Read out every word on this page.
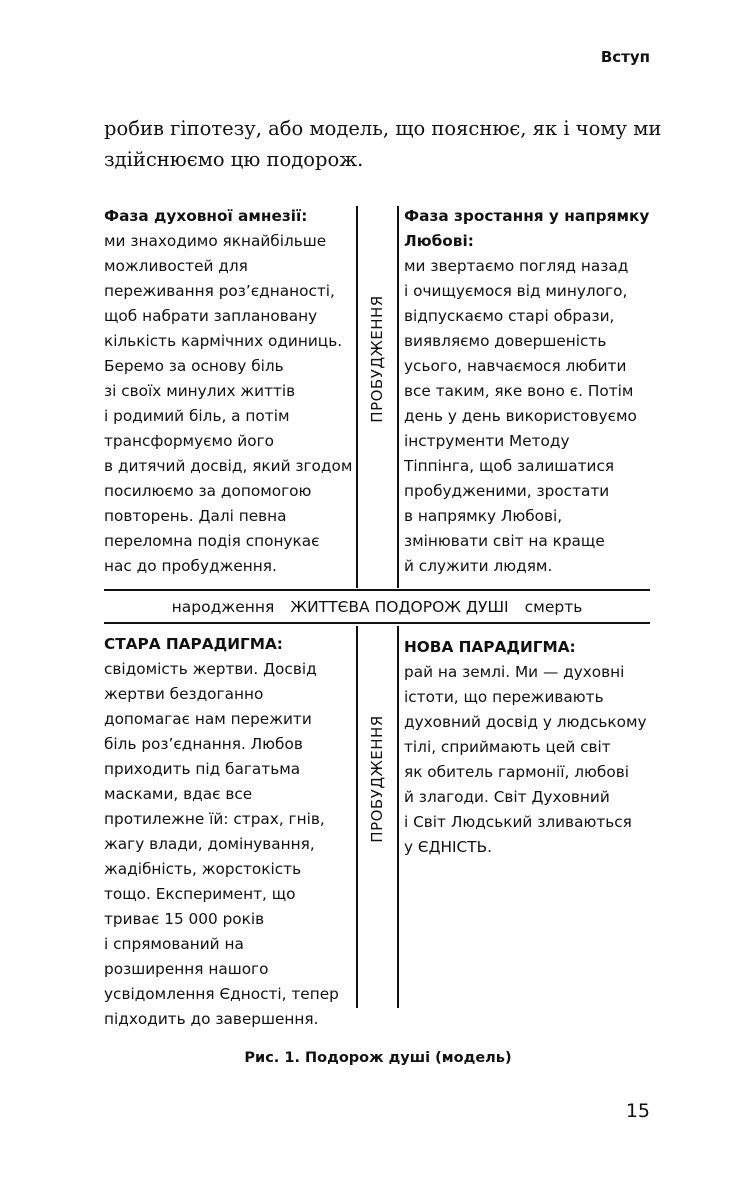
Вступ

робив гіпотезу, або модель, що пояснює, як і чому ми здійснюємо цю подорож.

Фаза духовної амнезії:
ми знаходимо якнайбільше
можливостей для
переживання роз’єднаності,
щоб набрати заплановану
кількість кармічних одиниць.
Беремо за основу біль
зі своїх минулих життів
і родимий біль, а потім
трансформуємо його
в дитячий досвід, який згодом
посилюємо за допомогою
повторень. Далі певна
переломна подія спонукає
нас до пробудження.
ПРОБУДЖЕННЯ
Фаза зростання у напрямку
Любові:
ми звертаємо погляд назад
і очищуємося від минулого,
відпускаємо старі образи,
виявляємо довершеність
усього, навчаємося любити
все таким, яке воно є. Потім
день у день використовуємо
інструменти Методу
Тіппінга, щоб залишатися
пробудженими, зростати
в напрямку Любові,
змінювати світ на краще
й служити людям.
народження ЖИТТЄВА ПОДОРОЖ ДУШІ смерть
СТАРА ПАРАДИГМА:
свідомість жертви. Досвід
жертви бездоганно
допомагає нам пережити
біль роз’єднання. Любов
приходить під багатьма
масками, вдає все
протилежне їй: страх, гнів,
жагу влади, домінування,
жадібність, жорстокість
тощо. Експеримент, що
триває 15 000 років
і спрямований на
розширення нашого
усвідомлення Єдності, тепер
підходить до завершення.
ПРОБУДЖЕННЯ
НОВА ПАРАДИГМА:
рай на землі. Ми — духовні
істоти, що переживають
духовний досвід у людському
тілі, сприймають цей світ
як обитель гармонії, любові
й злагоди. Світ Духовний
і Світ Людський зливаються
у ЄДНІСТЬ.
Рис. 1. Подорож душі (модель)
15
